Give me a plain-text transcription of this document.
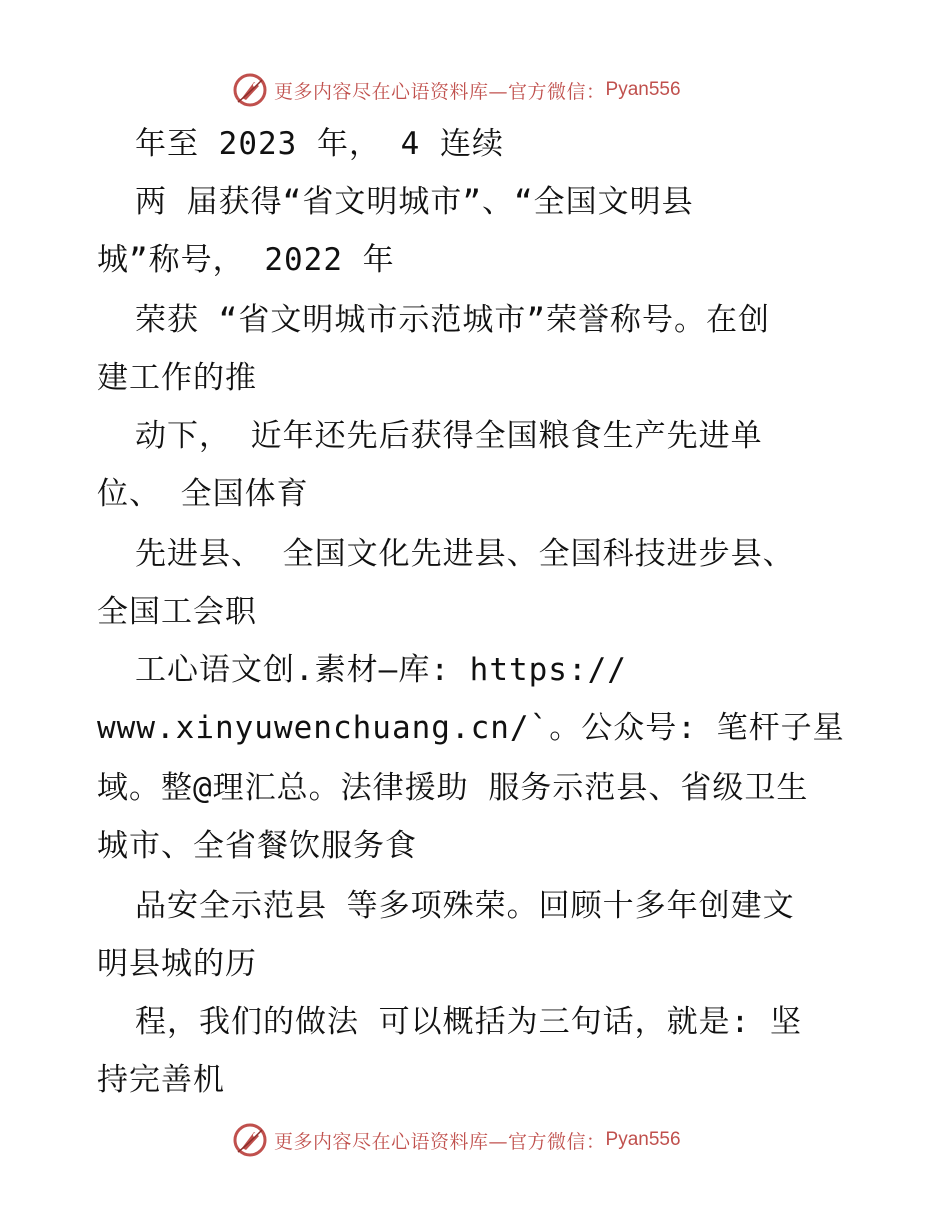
更多内容尽在心语资料库—官方微信： Pyan556
年至 2023 年， 4 连续
两 届获得“省文明城市”、“全国文明县
城”称号， 2022 年
荣获 “省文明城市示范城市”荣誉称号。在创
建工作的推
动下， 近年还先后获得全国粮食生产先进单
位、 全国体育
先进县、 全国文化先进县、全国科技进步县、
全国工会职
工心语文创.素材—库: https://
www.xinyuwenchuang.cn/`。公众号: 笔杆子星
域。整@理汇总。法律援助 服务示范县、省级卫生
城市、全省餐饮服务食
品安全示范县 等多项殊荣。回顾十多年创建文
明县城的历
程，我们的做法 可以概括为三句话，就是: 坚
持完善机
更多内容尽在心语资料库—官方微信： Pyan556
